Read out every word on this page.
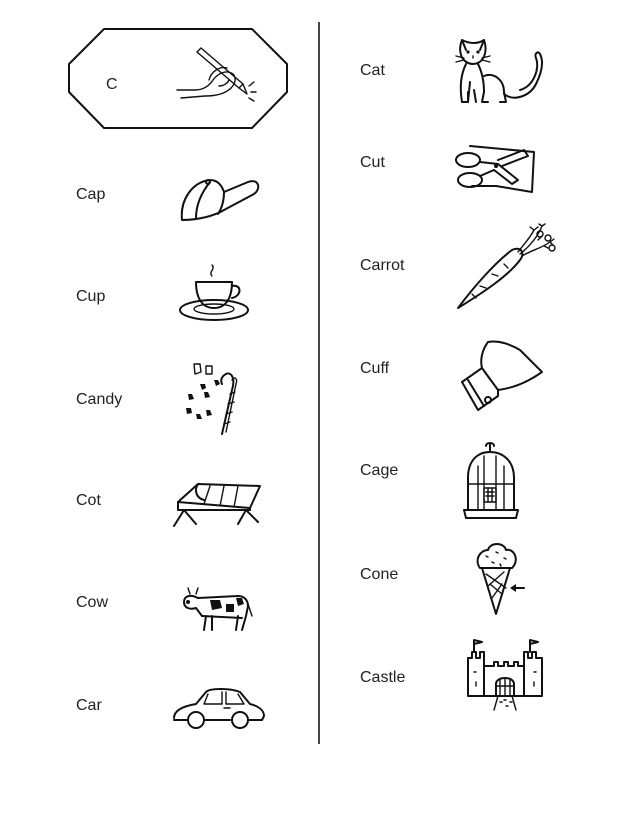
C
Cap
Cup
Candy
Cot
Cow
Car
Cat
Cut
Carrot
Cuff
Cage
Cone
Castle
